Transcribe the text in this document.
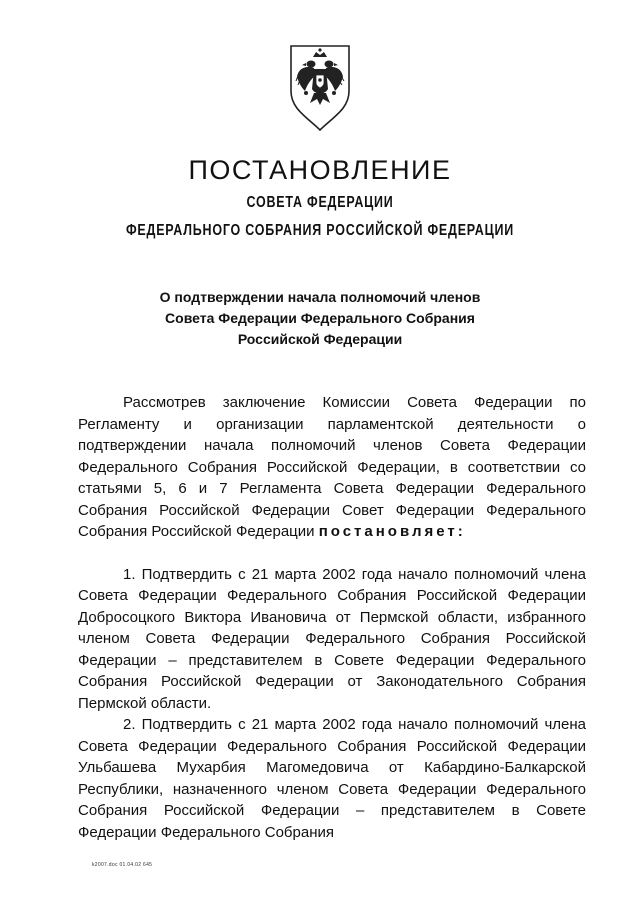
ПОСТАНОВЛЕНИЕ
СОВЕТА ФЕДЕРАЦИИ
ФЕДЕРАЛЬНОГО СОБРАНИЯ РОССИЙСКОЙ ФЕДЕРАЦИИ
О подтверждении начала полномочий членов
Совета Федерации Федерального Собрания
Российской Федерации

Рассмотрев заключение Комиссии Совета Федерации по Регламенту и организации парламентской деятельности о подтверждении начала полномочий членов Совета Федерации Федерального Собрания Российской Федерации, в соответствии со статьями 5, 6 и 7 Регламента Совета Федерации Федерального Собрания Российской Федерации Совет Федерации Федерального Собрания Российской Федерации постановляет:

1. Подтвердить с 21 марта 2002 года начало полномочий члена Совета Федерации Федерального Собрания Российской Федерации Добросоцкого Виктора Ивановича от Пермской области, избранного членом Совета Федерации Федерального Собрания Российской Федерации – представителем в Совете Федерации Федерального Собрания Российской Федерации от Законодательного Собрания Пермской области.

2. Подтвердить с 21 марта 2002 года начало полномочий члена Совета Федерации Федерального Собрания Российской Федерации Ульбашева Мухарбия Магомедовича от Кабардино-Балкарской Республики, назначенного членом Совета Федерации Федерального Собрания Российской Федерации – представителем в Совете Федерации Федерального Собрания

k2007.doc 01.04.02 645
